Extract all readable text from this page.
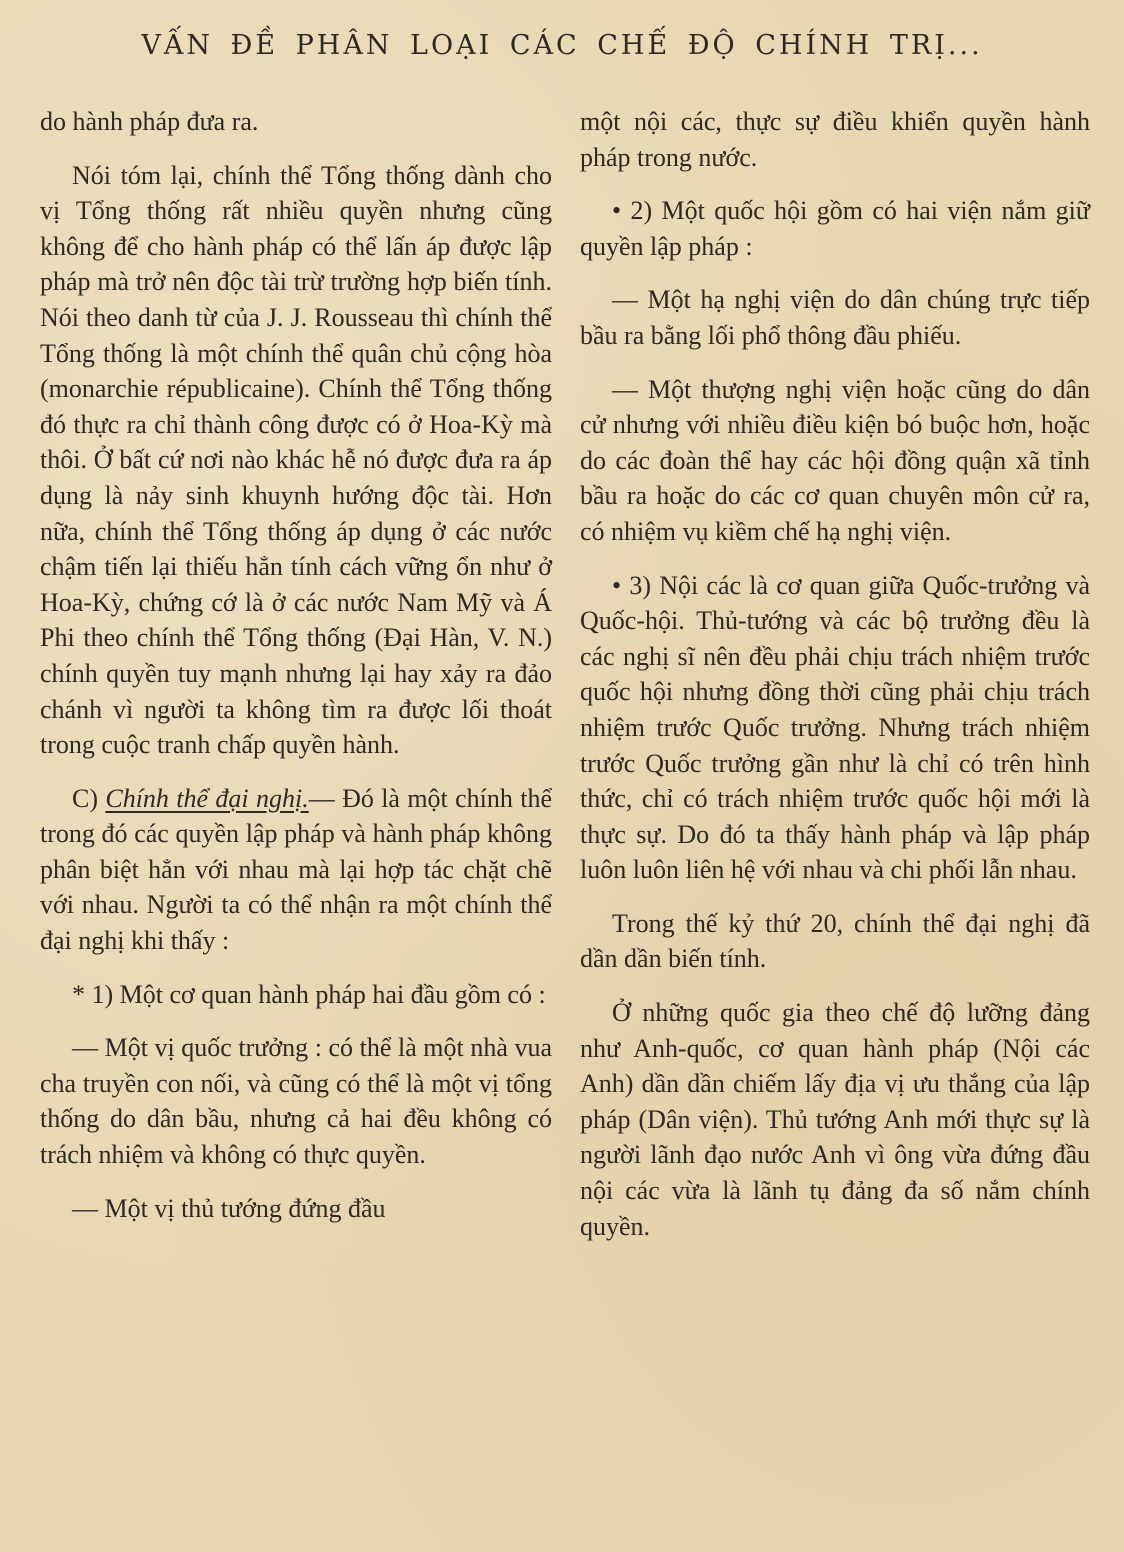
VẤN ĐỀ PHÂN LOẠI CÁC CHẾ ĐỘ CHÍNH TRỊ...

do hành pháp đưa ra.

Nói tóm lại, chính thể Tổng thống dành cho vị Tổng thống rất nhiều quyền nhưng cũng không để cho hành pháp có thể lấn áp được lập pháp mà trở nên độc tài trừ trường hợp biến tính. Nói theo danh từ của J. J. Rousseau thì chính thể Tổng thống là một chính thể quân chủ cộng hòa (monarchie républicaine). Chính thể Tổng thống đó thực ra chỉ thành công được có ở Hoa-Kỳ mà thôi. Ở bất cứ nơi nào khác hễ nó được đưa ra áp dụng là nảy sinh khuynh hướng độc tài. Hơn nữa, chính thể Tổng thống áp dụng ở các nước chậm tiến lại thiếu hẳn tính cách vững ổn như ở Hoa-Kỳ, chứng cớ là ở các nước Nam Mỹ và Á Phi theo chính thể Tổng thống (Đại Hàn, V. N.) chính quyền tuy mạnh nhưng lại hay xảy ra đảo chánh vì người ta không tìm ra được lối thoát trong cuộc tranh chấp quyền hành.

C) Chính thể đại nghị.— Đó là một chính thể trong đó các quyền lập pháp và hành pháp không phân biệt hẳn với nhau mà lại hợp tác chặt chẽ với nhau. Người ta có thể nhận ra một chính thể đại nghị khi thấy :

* 1) Một cơ quan hành pháp hai đầu gồm có :

— Một vị quốc trưởng : có thể là một nhà vua cha truyền con nối, và cũng có thể là một vị tổng thống do dân bầu, nhưng cả hai đều không có trách nhiệm và không có thực quyền.

— Một vị thủ tướng đứng đầu

một nội các, thực sự điều khiển quyền hành pháp trong nước.

• 2) Một quốc hội gồm có hai viện nắm giữ quyền lập pháp :

— Một hạ nghị viện do dân chúng trực tiếp bầu ra bằng lối phổ thông đầu phiếu.

— Một thượng nghị viện hoặc cũng do dân cử nhưng với nhiều điều kiện bó buộc hơn, hoặc do các đoàn thể hay các hội đồng quận xã tỉnh bầu ra hoặc do các cơ quan chuyên môn cử ra, có nhiệm vụ kiềm chế hạ nghị viện.

• 3) Nội các là cơ quan giữa Quốc-trưởng và Quốc-hội. Thủ-tướng và các bộ trưởng đều là các nghị sĩ nên đều phải chịu trách nhiệm trước quốc hội nhưng đồng thời cũng phải chịu trách nhiệm trước Quốc trưởng. Nhưng trách nhiệm trước Quốc trưởng gần như là chỉ có trên hình thức, chỉ có trách nhiệm trước quốc hội mới là thực sự. Do đó ta thấy hành pháp và lập pháp luôn luôn liên hệ với nhau và chi phối lẫn nhau.

Trong thế kỷ thứ 20, chính thể đại nghị đã dần dần biến tính.

Ở những quốc gia theo chế độ lưỡng đảng như Anh-quốc, cơ quan hành pháp (Nội các Anh) dần dần chiếm lấy địa vị ưu thắng của lập pháp (Dân viện). Thủ tướng Anh mới thực sự là người lãnh đạo nước Anh vì ông vừa đứng đầu nội các vừa là lãnh tụ đảng đa số nắm chính quyền.
